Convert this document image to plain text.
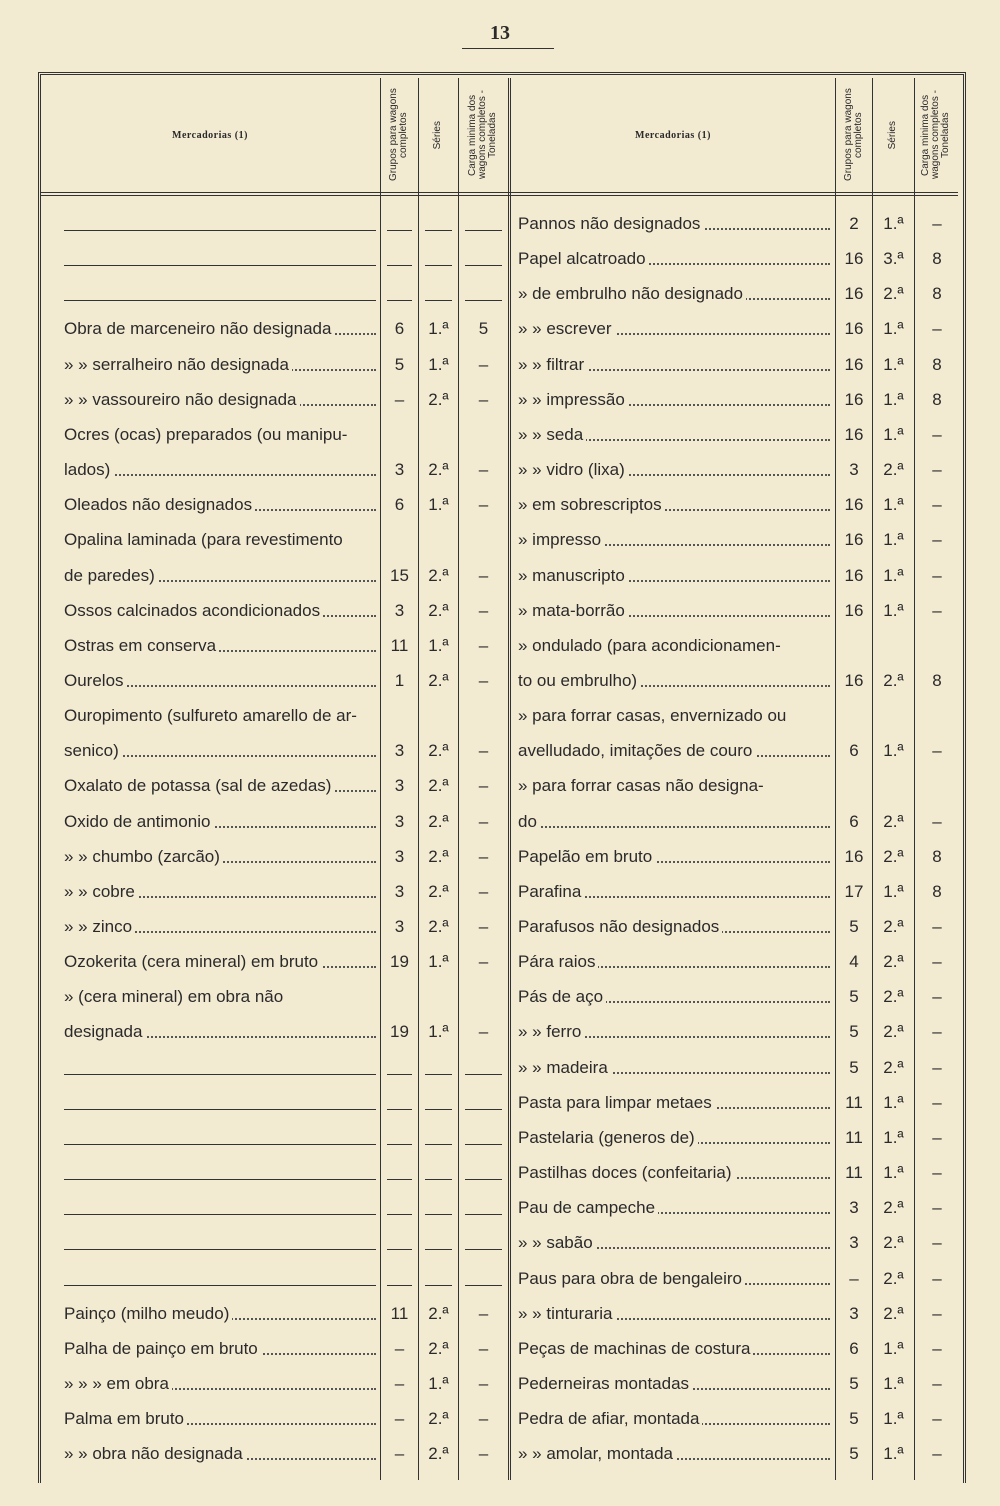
13
Mercadorias (1)	Grupos para wagons completos Séries Carga minima dos wagons completos - Toneladas	Mercadorias (1)	Grupos para wagons completos Séries Carga minima dos wagons completos - Toneladas
Obra de marceneiro não designada	6	1.ª	5
» » serralheiro não designada	5	1.ª	–
» » vassoureiro não designada	–	2.ª	–
Ocres (ocas) preparados (ou manipu-
lados)	3	2.ª	–
Oleados não designados	6	1.ª	–
Opalina laminada (para revestimento
de paredes)	15	2.ª	–
Ossos calcinados acondicionados	3	2.ª	–
Ostras em conserva	11	1.ª	–
Ourelos	1	2.ª	–
Ouropimento (sulfureto amarello de ar-
senico)	3	2.ª	–
Oxalato de potassa (sal de azedas)	3	2.ª	–
Oxido de antimonio	3	2.ª	–
» » chumbo (zarcão)	3	2.ª	–
» » cobre	3	2.ª	–
» » zinco	3	2.ª	–
Ozokerita (cera mineral) em bruto	19	1.ª	–
» (cera mineral) em obra não
designada	19	1.ª	–
Painço (milho meudo)	11	2.ª	–
Palha de painço em bruto	–	2.ª	–
» » » em obra	–	1.ª	–
Palma em bruto	–	2.ª	–
» » obra não designada	–	2.ª	–
Pannos não designados	2	1.ª	–
Papel alcatroado	16	3.ª	8
» de embrulho não designado	16	2.ª	8
» » escrever	16	1.ª	–
» » filtrar	16	1.ª	8
» » impressão	16	1.ª	8
» » seda	16	1.ª	–
» » vidro (lixa)	3	2.ª	–
» em sobrescriptos	16	1.ª	–
» impresso	16	1.ª	–
» manuscripto	16	1.ª	–
» mata-borrão	16	1.ª	–
» ondulado (para acondicionamen-
to ou embrulho)	16	2.ª	8
» para forrar casas, envernizado ou
avelludado, imitações de couro	6	1.ª	–
» para forrar casas não designa-
do	6	2.ª	–
Papelão em bruto	16	2.ª	8
Parafina	17	1.ª	8
Parafusos não designados	5	2.ª	–
Pára raios	4	2.ª	–
Pás de aço	5	2.ª	–
» » ferro	5	2.ª	–
» » madeira	5	2.ª	–
Pasta para limpar metaes	11	1.ª	–
Pastelaria (generos de)	11	1.ª	–
Pastilhas doces (confeitaria)	11	1.ª	–
Pau de campeche	3	2.ª	–
» » sabão	3	2.ª	–
Paus para obra de bengaleiro	–	2.ª	–
» » tinturaria	3	2.ª	–
Peças de machinas de costura	6	1.ª	–
Pederneiras montadas	5	1.ª	–
Pedra de afiar, montada	5	1.ª	–
» » amolar, montada	5	1.ª	–
